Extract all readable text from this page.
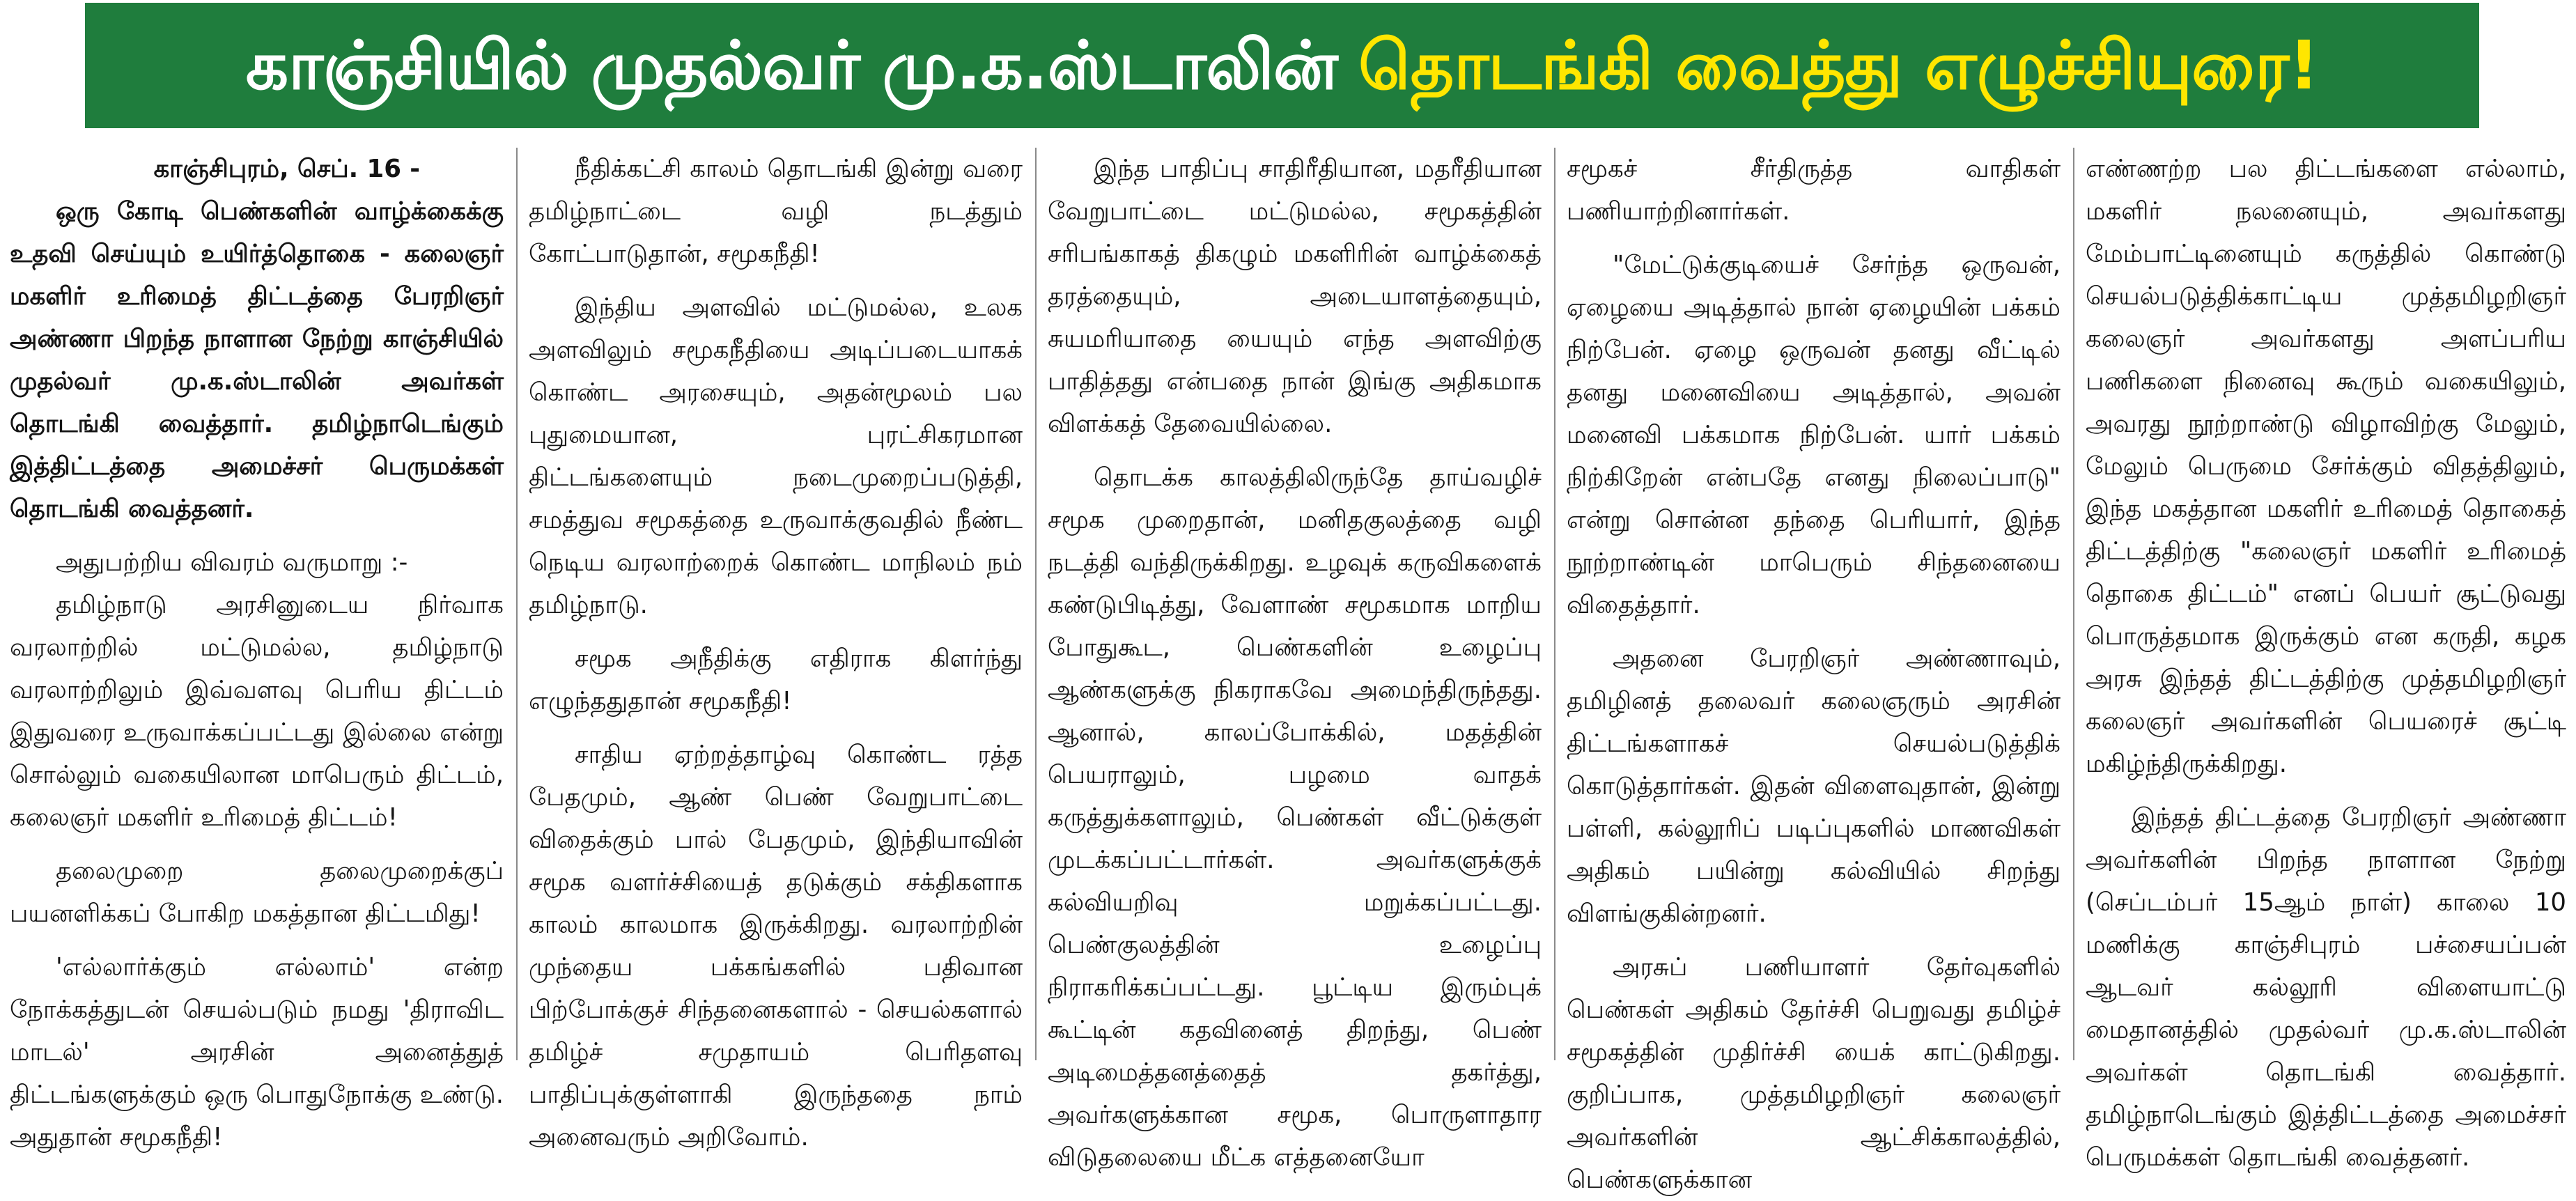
காஞ்சியில் முதல்வர் மு.க.ஸ்டாலின் தொடங்கி வைத்து எழுச்சியுரை!

காஞ்சிபுரம், செப். 16 -

ஒரு கோடி பெண்களின் வாழ்க்கைக்கு உதவி செய்யும் உயிர்த்தொகை - கலைஞர் மகளிர் உரிமைத் திட்டத்தை பேரறிஞர் அண்ணா பிறந்த நாளான நேற்று காஞ்சியில் முதல்வர் மு.க.ஸ்டாலின் அவர்கள் தொடங்கி வைத்தார். தமிழ்நாடெங்கும் இத்திட்டத்தை அமைச்சர் பெருமக்கள் தொடங்கி வைத்தனர்.

அதுபற்றிய விவரம் வருமாறு :-

தமிழ்நாடு அரசினுடைய நிர்வாக வரலாற்றில் மட்டுமல்ல, தமிழ்நாடு வரலாற்றிலும் இவ்வளவு பெரிய திட்டம் இதுவரை உருவாக்கப்பட்டது இல்லை என்று சொல்லும் வகையிலான மாபெரும் திட்டம், கலைஞர் மகளிர் உரிமைத் திட்டம்!

தலைமுறை தலைமுறைக்குப் பயனளிக்கப் போகிற மகத்தான திட்டமிது!

'எல்லார்க்கும் எல்லாம்' என்ற நோக்கத்துடன் செயல்படும் நமது 'திராவிட மாடல்' அரசின் அனைத்துத் திட்டங்களுக்கும் ஒரு பொதுநோக்கு உண்டு. அதுதான் சமூகநீதி!

நீதிக்கட்சி காலம் தொடங்கி இன்று வரை தமிழ்நாட்டை வழி நடத்தும் கோட்பாடுதான், சமூகநீதி!

இந்திய அளவில் மட்டுமல்ல, உலக அளவிலும் சமூகநீதியை அடிப்படையாகக் கொண்ட அரசையும், அதன்மூலம் பல புதுமையான, புரட்சிகரமான திட்டங்களையும் நடைமுறைப்படுத்தி, சமத்துவ சமூகத்தை உருவாக்குவதில் நீண்ட நெடிய வரலாற்றைக் கொண்ட மாநிலம் நம் தமிழ்நாடு.

சமூக அநீதிக்கு எதிராக கிளர்ந்து எழுந்ததுதான் சமூகநீதி!

சாதிய ஏற்றத்தாழ்வு கொண்ட ரத்த பேதமும், ஆண் பெண் வேறுபாட்டை விதைக்கும் பால் பேதமும், இந்தியாவின் சமூக வளர்ச்சியைத் தடுக்கும் சக்திகளாக காலம் காலமாக இருக்கிறது. வரலாற்றின் முந்தைய பக்கங்களில் பதிவான பிற்போக்குச் சிந்தனைகளால் - செயல்களால் தமிழ்ச் சமுதாயம் பெரிதளவு பாதிப்புக்குள்ளாகி இருந்ததை நாம் அனைவரும் அறிவோம்.

இந்த பாதிப்பு சாதிரீதியான, மதரீதியான வேறுபாட்டை மட்டுமல்ல, சமூகத்தின் சரிபங்காகத் திகழும் மகளிரின் வாழ்க்கைத் தரத்தையும், அடையாளத்தையும், சுயமரியாதை யையும் எந்த அளவிற்கு பாதித்தது என்பதை நான் இங்கு அதிகமாக விளக்கத் தேவையில்லை.

தொடக்க காலத்திலிருந்தே தாய்வழிச் சமூக முறைதான், மனிதகுலத்தை வழி நடத்தி வந்திருக்கிறது. உழவுக் கருவிகளைக் கண்டுபிடித்து, வேளாண் சமூகமாக மாறிய போதுகூட, பெண்களின் உழைப்பு ஆண்களுக்கு நிகராகவே அமைந்திருந்தது. ஆனால், காலப்போக்கில், மதத்தின் பெயராலும், பழமை வாதக் கருத்துக்களாலும், பெண்கள் வீட்டுக்குள் முடக்கப்பட்டார்கள். அவர்களுக்குக் கல்வியறிவு மறுக்கப்பட்டது. பெண்குலத்தின் உழைப்பு நிராகரிக்கப்பட்டது. பூட்டிய இரும்புக் கூட்டின் கதவினைத் திறந்து, பெண் அடிமைத்தனத்தைத் தகர்த்து, அவர்களுக்கான சமூக, பொருளாதார விடுதலையை மீட்க எத்தனையோ

சமூகச் சீர்திருத்த வாதிகள் பணியாற்றினார்கள்.

"மேட்டுக்குடியைச் சேர்ந்த ஒருவன், ஏழையை அடித்தால் நான் ஏழையின் பக்கம் நிற்பேன். ஏழை ஒருவன் தனது வீட்டில் தனது மனைவியை அடித்தால், அவன் மனைவி பக்கமாக நிற்பேன். யார் பக்கம் நிற்கிறேன் என்பதே எனது நிலைப்பாடு" என்று சொன்ன தந்தை பெரியார், இந்த நூற்றாண்டின் மாபெரும் சிந்தனையை விதைத்தார்.

அதனை பேரறிஞர் அண்ணாவும், தமிழினத் தலைவர் கலைஞரும் அரசின் திட்டங்களாகச் செயல்படுத்திக் கொடுத்தார்கள். இதன் விளைவுதான், இன்று பள்ளி, கல்லூரிப் படிப்புகளில் மாணவிகள் அதிகம் பயின்று கல்வியில் சிறந்து விளங்குகின்றனர்.

அரசுப் பணியாளர் தேர்வுகளில் பெண்கள் அதிகம் தேர்ச்சி பெறுவது தமிழ்ச் சமூகத்தின் முதிர்ச்சி யைக் காட்டுகிறது. குறிப்பாக, முத்தமிழறிஞர் கலைஞர் அவர்களின் ஆட்சிக்காலத்தில், பெண்களுக்கான

எண்ணற்ற பல திட்டங்களை எல்லாம், மகளிர் நலனையும், அவர்களது மேம்பாட்டினையும் கருத்தில் கொண்டு செயல்படுத்திக்காட்டிய முத்தமிழறிஞர் கலைஞர் அவர்களது அளப்பரிய பணிகளை நினைவு கூரும் வகையிலும், அவரது நூற்றாண்டு விழாவிற்கு மேலும், மேலும் பெருமை சேர்க்கும் விதத்திலும், இந்த மகத்தான மகளிர் உரிமைத் தொகைத் திட்டத்திற்கு "கலைஞர் மகளிர் உரிமைத் தொகை திட்டம்" எனப் பெயர் சூட்டுவது பொருத்தமாக இருக்கும் என கருதி, கழக அரசு இந்தத் திட்டத்திற்கு முத்தமிழறிஞர் கலைஞர் அவர்களின் பெயரைச் சூட்டி மகிழ்ந்திருக்கிறது.

இந்தத் திட்டத்தை பேரறிஞர் அண்ணா அவர்களின் பிறந்த நாளான நேற்று (செப்டம்பர் 15ஆம் நாள்) காலை 10 மணிக்கு காஞ்சிபுரம் பச்சையப்பன் ஆடவர் கல்லூரி விளையாட்டு மைதானத்தில் முதல்வர் மு.க.ஸ்டாலின் அவர்கள் தொடங்கி வைத்தார். தமிழ்நாடெங்கும் இத்திட்டத்தை அமைச்சர் பெருமக்கள் தொடங்கி வைத்தனர்.
